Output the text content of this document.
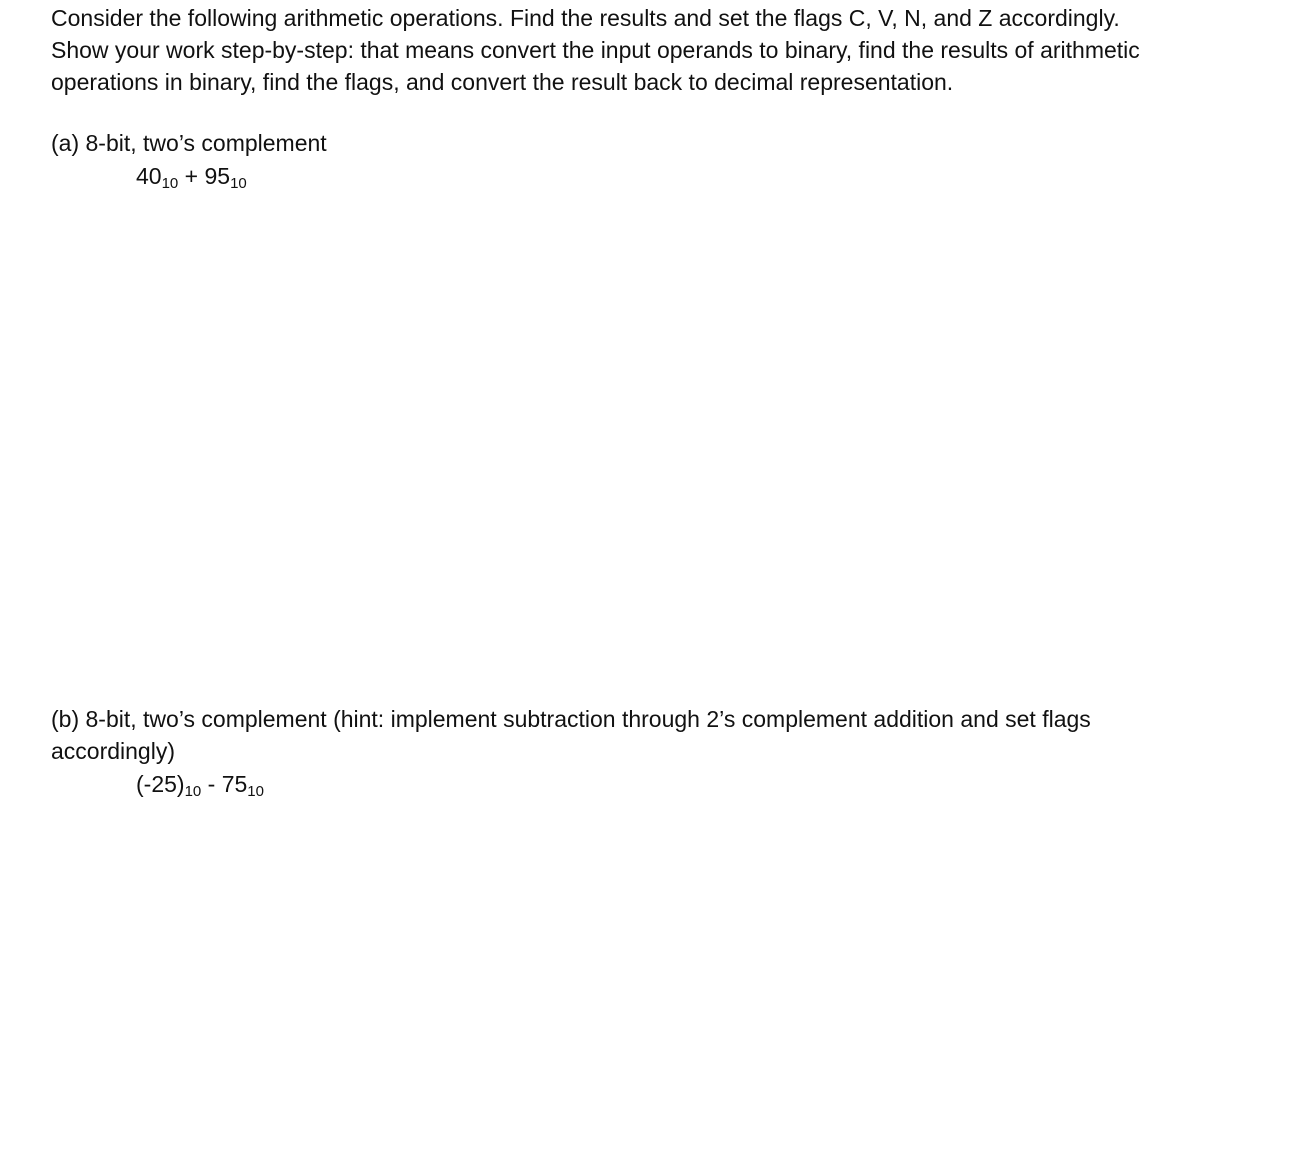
Consider the following arithmetic operations. Find the results and set the flags C, V, N, and Z accordingly.
Show your work step-by-step: that means convert the input operands to binary, find the results of arithmetic
operations in binary, find the flags, and convert the result back to decimal representation.

(a) 8-bit, two’s complement

$40_{10} + 95_{10}$

(b) 8-bit, two’s complement (hint: implement subtraction through 2’s complement addition and set flags
accordingly)

$(-25)_{10} - 75_{10}$
